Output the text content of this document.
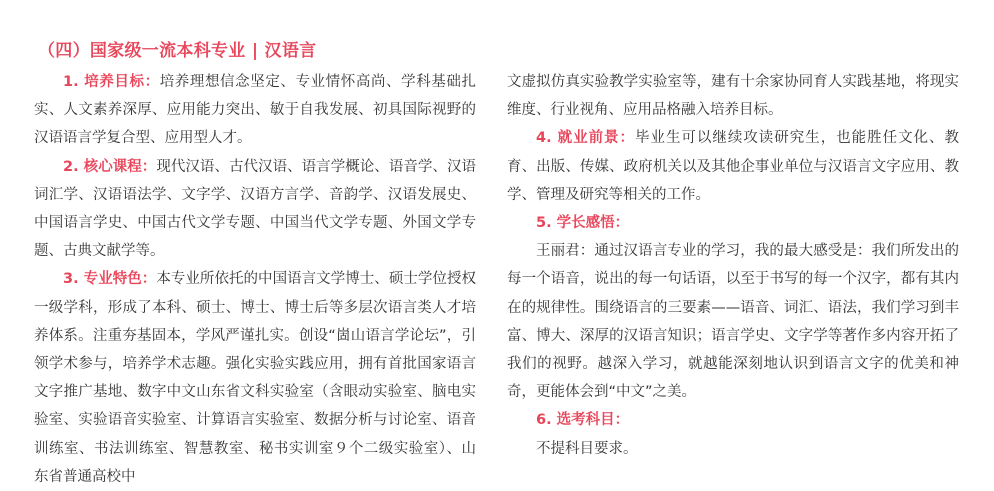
（四）国家级一流本科专业 | 汉语言

1. 培养目标：培养理想信念坚定、专业情怀高尚、学科基础扎实、人文素养深厚、应用能力突出、敏于自我发展、初具国际视野的汉语语言学复合型、应用型人才。

2. 核心课程：现代汉语、古代汉语、语言学概论、语音学、汉语词汇学、汉语语法学、文字学、汉语方言学、音韵学、汉语发展史、中国语言学史、中国古代文学专题、中国当代文学专题、外国文学专题、古典文献学等。

3. 专业特色：本专业所依托的中国语言文学博士、硕士学位授权一级学科，形成了本科、硕士、博士、博士后等多层次语言类人才培养体系。注重夯基固本，学风严谨扎实。创设“崮山语言学论坛”，引领学术参与，培养学术志趣。强化实验实践应用，拥有首批国家语言文字推广基地、数字中文山东省文科实验室（含眼动实验室、脑电实验室、实验语音实验室、计算语言实验室、数据分析与讨论室、语音训练室、书法训练室、智慧教室、秘书实训室９个二级实验室）、山东省普通高校中

文虚拟仿真实验教学实验室等，建有十余家协同育人实践基地，将现实维度、行业视角、应用品格融入培养目标。

4. 就业前景：毕业生可以继续攻读研究生，也能胜任文化、教育、出版、传媒、政府机关以及其他企事业单位与汉语言文字应用、教学、管理及研究等相关的工作。

5. 学长感悟：

王丽君：通过汉语言专业的学习，我的最大感受是：我们所发出的每一个语音，说出的每一句话语，以至于书写的每一个汉字，都有其内在的规律性。围绕语言的三要素——语音、词汇、语法，我们学习到丰富、博大、深厚的汉语言知识；语言学史、文字学等著作多内容开拓了我们的视野。越深入学习，就越能深刻地认识到语言文字的优美和神奇，更能体会到“中文”之美。

6. 选考科目：

不提科目要求。
